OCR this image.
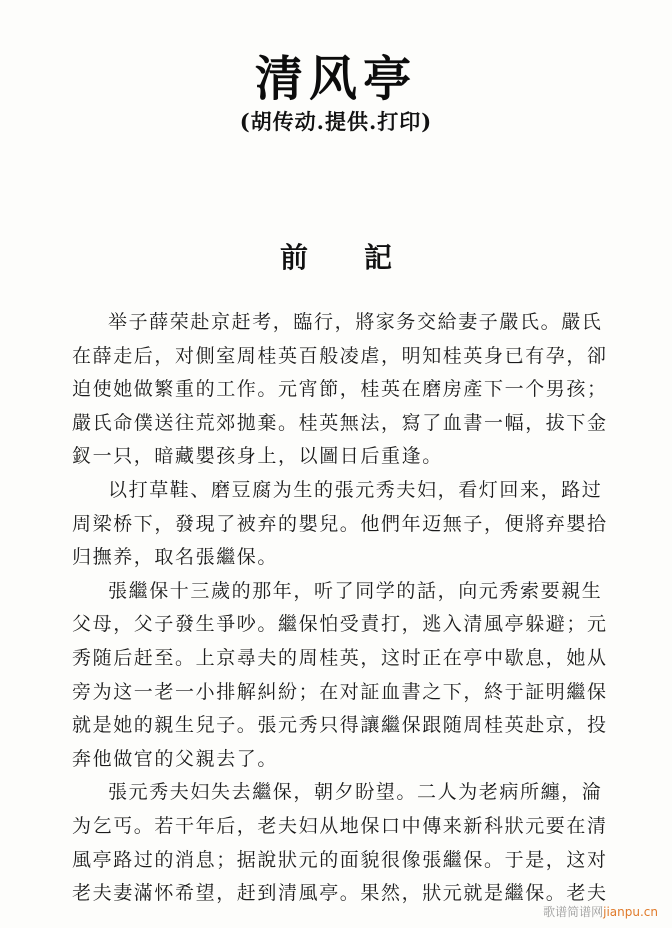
清风亭
(胡传动.提供.打印)
前 記
举子薛荣赴京赶考，臨行，將家务交給妻子嚴氏。嚴氏
在薛走后，对側室周桂英百般凌虐，明知桂英身已有孕，卻
迫使她做繁重的工作。元宵節，桂英在磨房產下一个男孩；
嚴氏命僕送往荒郊拋棄。桂英無法，寫了血書一幅，拔下金
釵一只，暗藏嬰孩身上，以圖日后重逢。
以打草鞋、磨豆腐为生的張元秀夫妇，看灯回来，路过
周梁桥下，發現了被弃的嬰兒。他們年迈無子，便將弃嬰拾
归撫养，取名張繼保。
張繼保十三歲的那年，听了同学的話，向元秀索要親生
父母，父子發生爭吵。繼保怕受責打，逃入清風亭躲避；元
秀随后赶至。上京尋夫的周桂英，这时正在亭中歇息，她从
旁为这一老一小排解糾紛；在对証血書之下，終于証明繼保
就是她的親生兒子。張元秀只得讓繼保跟随周桂英赴京，投
奔他做官的父親去了。
張元秀夫妇失去繼保，朝夕盼望。二人为老病所纏，淪
为乞丐。若干年后，老夫妇从地保口中傳来新科狀元要在清
風亭路过的消息；据說狀元的面貌很像張繼保。于是，这对
老夫妻滿怀希望，赶到清風亭。果然，狀元就是繼保。老夫
歌谱简谱网jianpu.cn
